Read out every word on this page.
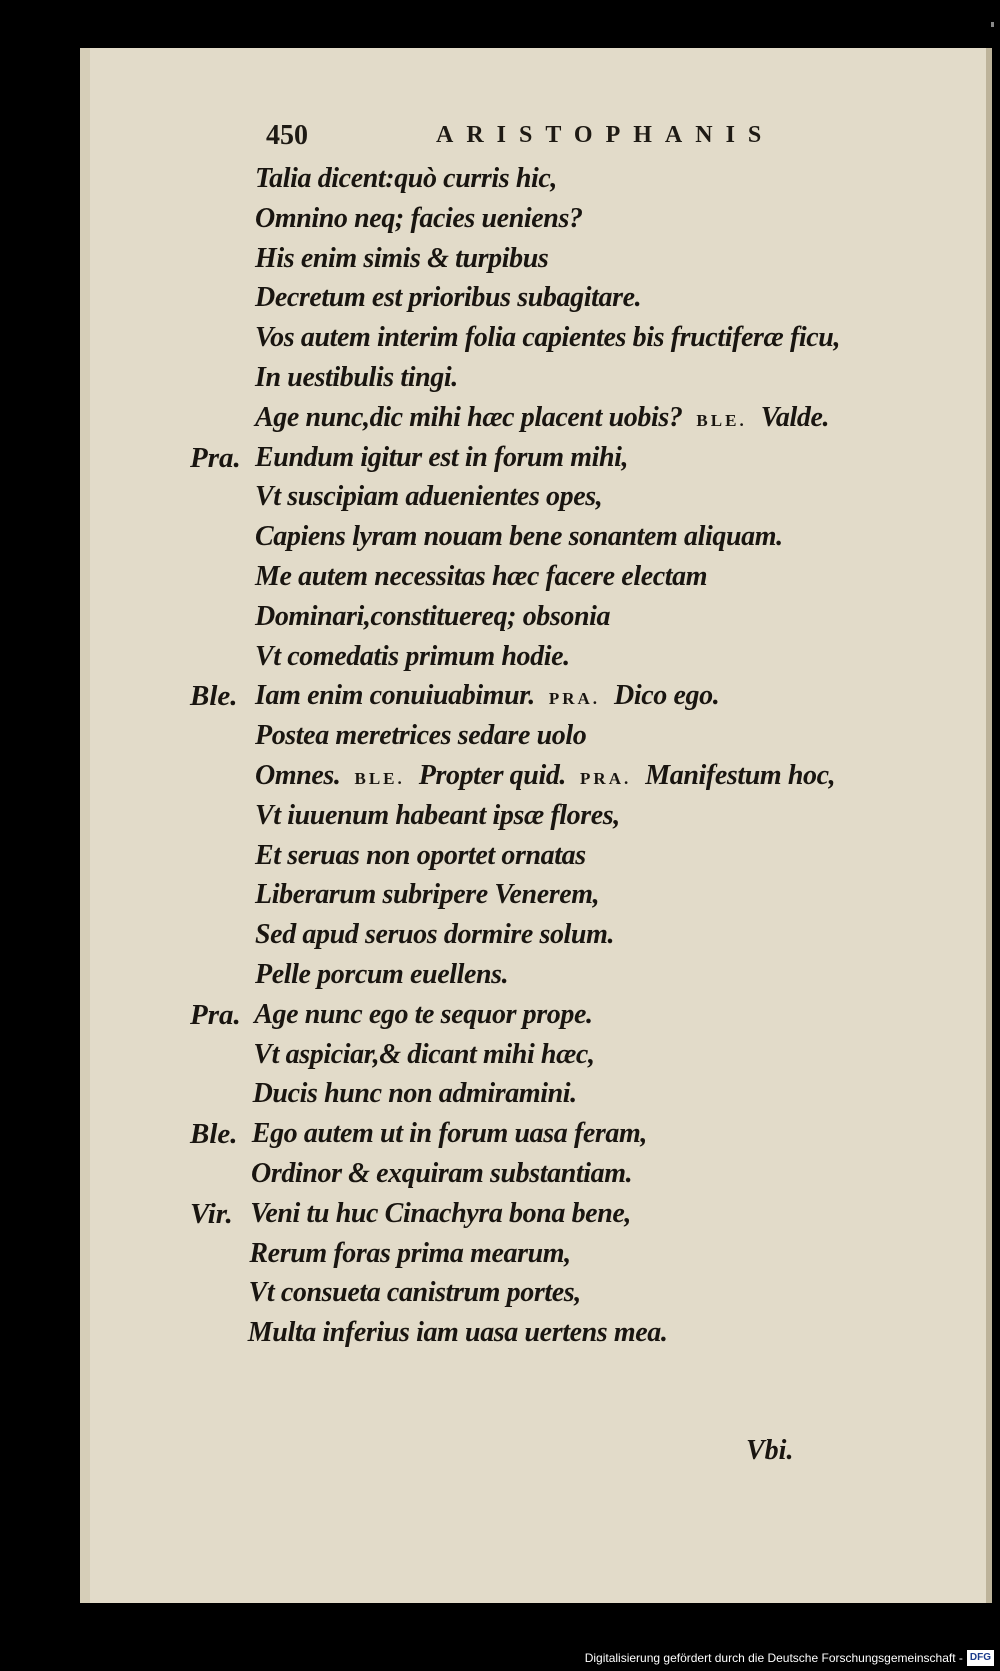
450	ARISTOPHANIS
Talia dicent:quò curris hic,
Omnino neq; facies ueniens?
His enim simis & turpibus
Decretum est prioribus subagitare.
Vos autem interim folia capientes bis fructiferæ ficu,
In uestibulis tingi.
Age nunc,dic mihi hæc placent uobis? BLE. Valde.
Pra. Eundum igitur est in forum mihi,
Vt suscipiam aduenientes opes,
Capiens lyram nouam bene sonantem aliquam.
Me autem necessitas hæc facere electam
Dominari,constituereq; obsonia
Vt comedatis primum hodie.
Ble. Iam enim conuiuabimur. PRA. Dico ego.
Postea meretrices sedare uolo
Omnes. BLE. Propter quid. PRA. Manifestum hoc,
Vt iuuenum habeant ipsæ flores,
Et seruas non oportet ornatas
Liberarum subripere Venerem,
Sed apud seruos dormire solum.
Pelle porcum euellens.
Pra. Age nunc ego te sequor prope.
Vt aspiciar,& dicant mihi hæc,
Ducis hunc non admiramini.
Ble. Ego autem ut in forum uasa feram,
Ordinor & exquiram substantiam.
Vir. Veni tu huc Cinachyra bona bene,
Rerum foras prima mearum,
Vt consueta canistrum portes,
Multa inferius iam uasa uertens mea.
Vbi.
Digitalisierung gefördert durch die Deutsche Forschungsgemeinschaft - DFG
